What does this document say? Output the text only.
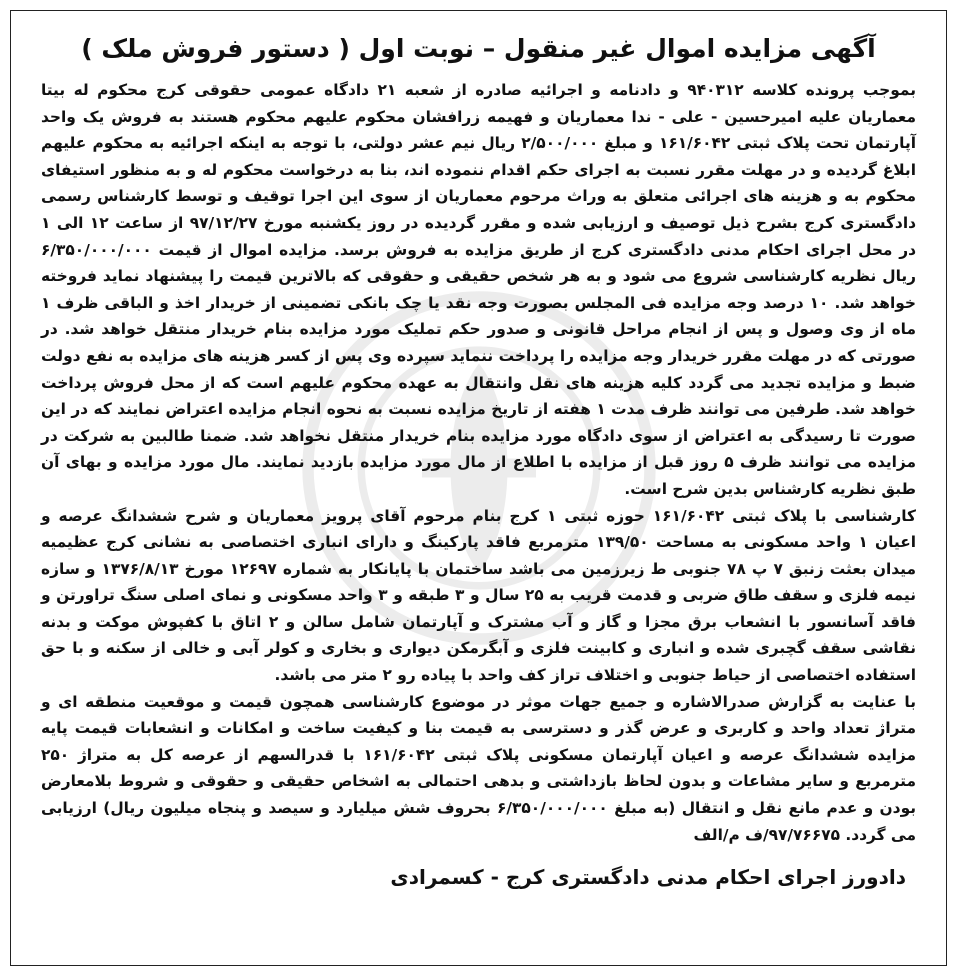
آگهی مزایده اموال غیر منقول – نوبت اول ( دستور فروش ملک )

بموجب پرونده کلاسه ۹۴۰۳۱۲ و دادنامه و اجرائیه صادره از شعبه ۲۱ دادگاه عمومی حقوقی کرج محکوم له بیتا معماریان علیه امیرحسین - علی - ندا معماریان و فهیمه زرافشان محکوم علیهم محکوم هستند به فروش یک واحد آپارتمان تحت پلاک ثبتی ۱۶۱/۶۰۴۲ و مبلغ ۲/۵۰۰/۰۰۰ ریال نیم عشر دولتی، با توجه به اینکه اجرائیه به محکوم علیهم ابلاغ گردیده و در مهلت مقرر نسبت به اجرای حکم اقدام ننموده اند، بنا به درخواست محکوم له و به منظور استیفای محکوم به و هزینه های اجرائی متعلق به وراث مرحوم معماریان از سوی این اجرا توقیف و توسط کارشناس رسمی دادگستری کرج بشرح ذیل توصیف و ارزیابی شده و مقرر گردیده در روز یکشنبه مورخ ۹۷/۱۲/۲۷ از ساعت ۱۲ الی ۱ در محل اجرای احکام مدنی دادگستری کرج از طریق مزایده به فروش برسد. مزایده اموال از قیمت ۶/۳۵۰/۰۰۰/۰۰۰ ریال نظریه کارشناسی شروع می شود و به هر شخص حقیقی و حقوقی که بالاترین قیمت را پیشنهاد نماید فروخته خواهد شد. ۱۰ درصد وجه مزایده فی المجلس بصورت وجه نقد یا چک بانکی تضمینی از خریدار اخذ و الباقی ظرف ۱ ماه از وی وصول و پس از انجام مراحل قانونی و صدور حکم تملیک مورد مزایده بنام خریدار منتقل خواهد شد. در صورتی که در مهلت مقرر خریدار وجه مزایده را پرداخت ننماید سپرده وی پس از کسر هزینه های مزایده به نفع دولت ضبط و مزایده تجدید می گردد کلیه هزینه های نقل وانتقال به عهده محکوم علیهم است که از محل فروش پرداخت خواهد شد. طرفین می توانند ظرف مدت ۱ هفته از تاریخ مزایده نسبت به نحوه انجام مزایده اعتراض نمایند که در این صورت تا رسیدگی به اعتراض از سوی دادگاه مورد مزایده بنام خریدار منتقل نخواهد شد. ضمنا طالبین به شرکت در مزایده می توانند ظرف ۵ روز قبل از مزایده با اطلاع از مال مورد مزایده بازدید نمایند. مال مورد مزایده و بهای آن طبق نظریه کارشناس بدین شرح است.

کارشناسی با پلاک ثبتی ۱۶۱/۶۰۴۲ حوزه ثبتی ۱ کرج بنام مرحوم آقای پرویز معماریان و شرح ششدانگ عرصه و اعیان ۱ واحد مسکونی به مساحت ۱۳۹/۵۰ مترمربع فاقد پارکینگ و دارای انباری اختصاصی به نشانی کرج عظیمیه میدان بعثت زنبق ۷ پ ۷۸ جنوبی ط زیرزمین می باشد ساختمان با پایانکار به شماره ۱۲۶۹۷ مورخ ۱۳۷۶/۸/۱۳ و سازه نیمه فلزی و سقف طاق ضربی و قدمت قریب به ۲۵ سال و ۳ طبقه و ۳ واحد مسکونی و نمای اصلی سنگ تراورتن و فاقد آسانسور با انشعاب برق مجزا و گاز و آب مشترک و آپارتمان شامل سالن و ۲ اتاق با کفپوش موکت و بدنه نقاشی سقف گچبری شده و انباری و کابینت فلزی و آبگرمکن دیواری و بخاری و کولر آبی و خالی از سکنه و با حق استفاده اختصاصی از حیاط جنوبی و اختلاف تراز کف واحد با پیاده رو ۲ متر می باشد.

با عنایت به گزارش صدرالاشاره و جمیع جهات موثر در موضوع کارشناسی همچون قیمت و موقعیت منطقه ای و متراژ تعداد واحد و کاربری و عرض گذر و دسترسی به قیمت بنا و کیفیت ساخت و امکانات و انشعابات قیمت پایه مزایده ششدانگ عرصه و اعیان آپارتمان مسکونی پلاک ثبتی ۱۶۱/۶۰۴۲ با قدرالسهم از عرصه کل به متراژ ۲۵۰ مترمربع و سایر مشاعات و بدون لحاظ بازداشتی و بدهی احتمالی به اشخاص حقیقی و حقوقی و شروط بلامعارض بودن و عدم مانع نقل و انتقال (به مبلغ ۶/۳۵۰/۰۰۰/۰۰۰ بحروف شش میلیارد و سیصد و پنجاه میلیون ریال) ارزیابی می گردد. ۹۷/۷۶۶۷۵/ف م/الف

دادورز اجرای احکام مدنی دادگستری کرج - کسمرادی
